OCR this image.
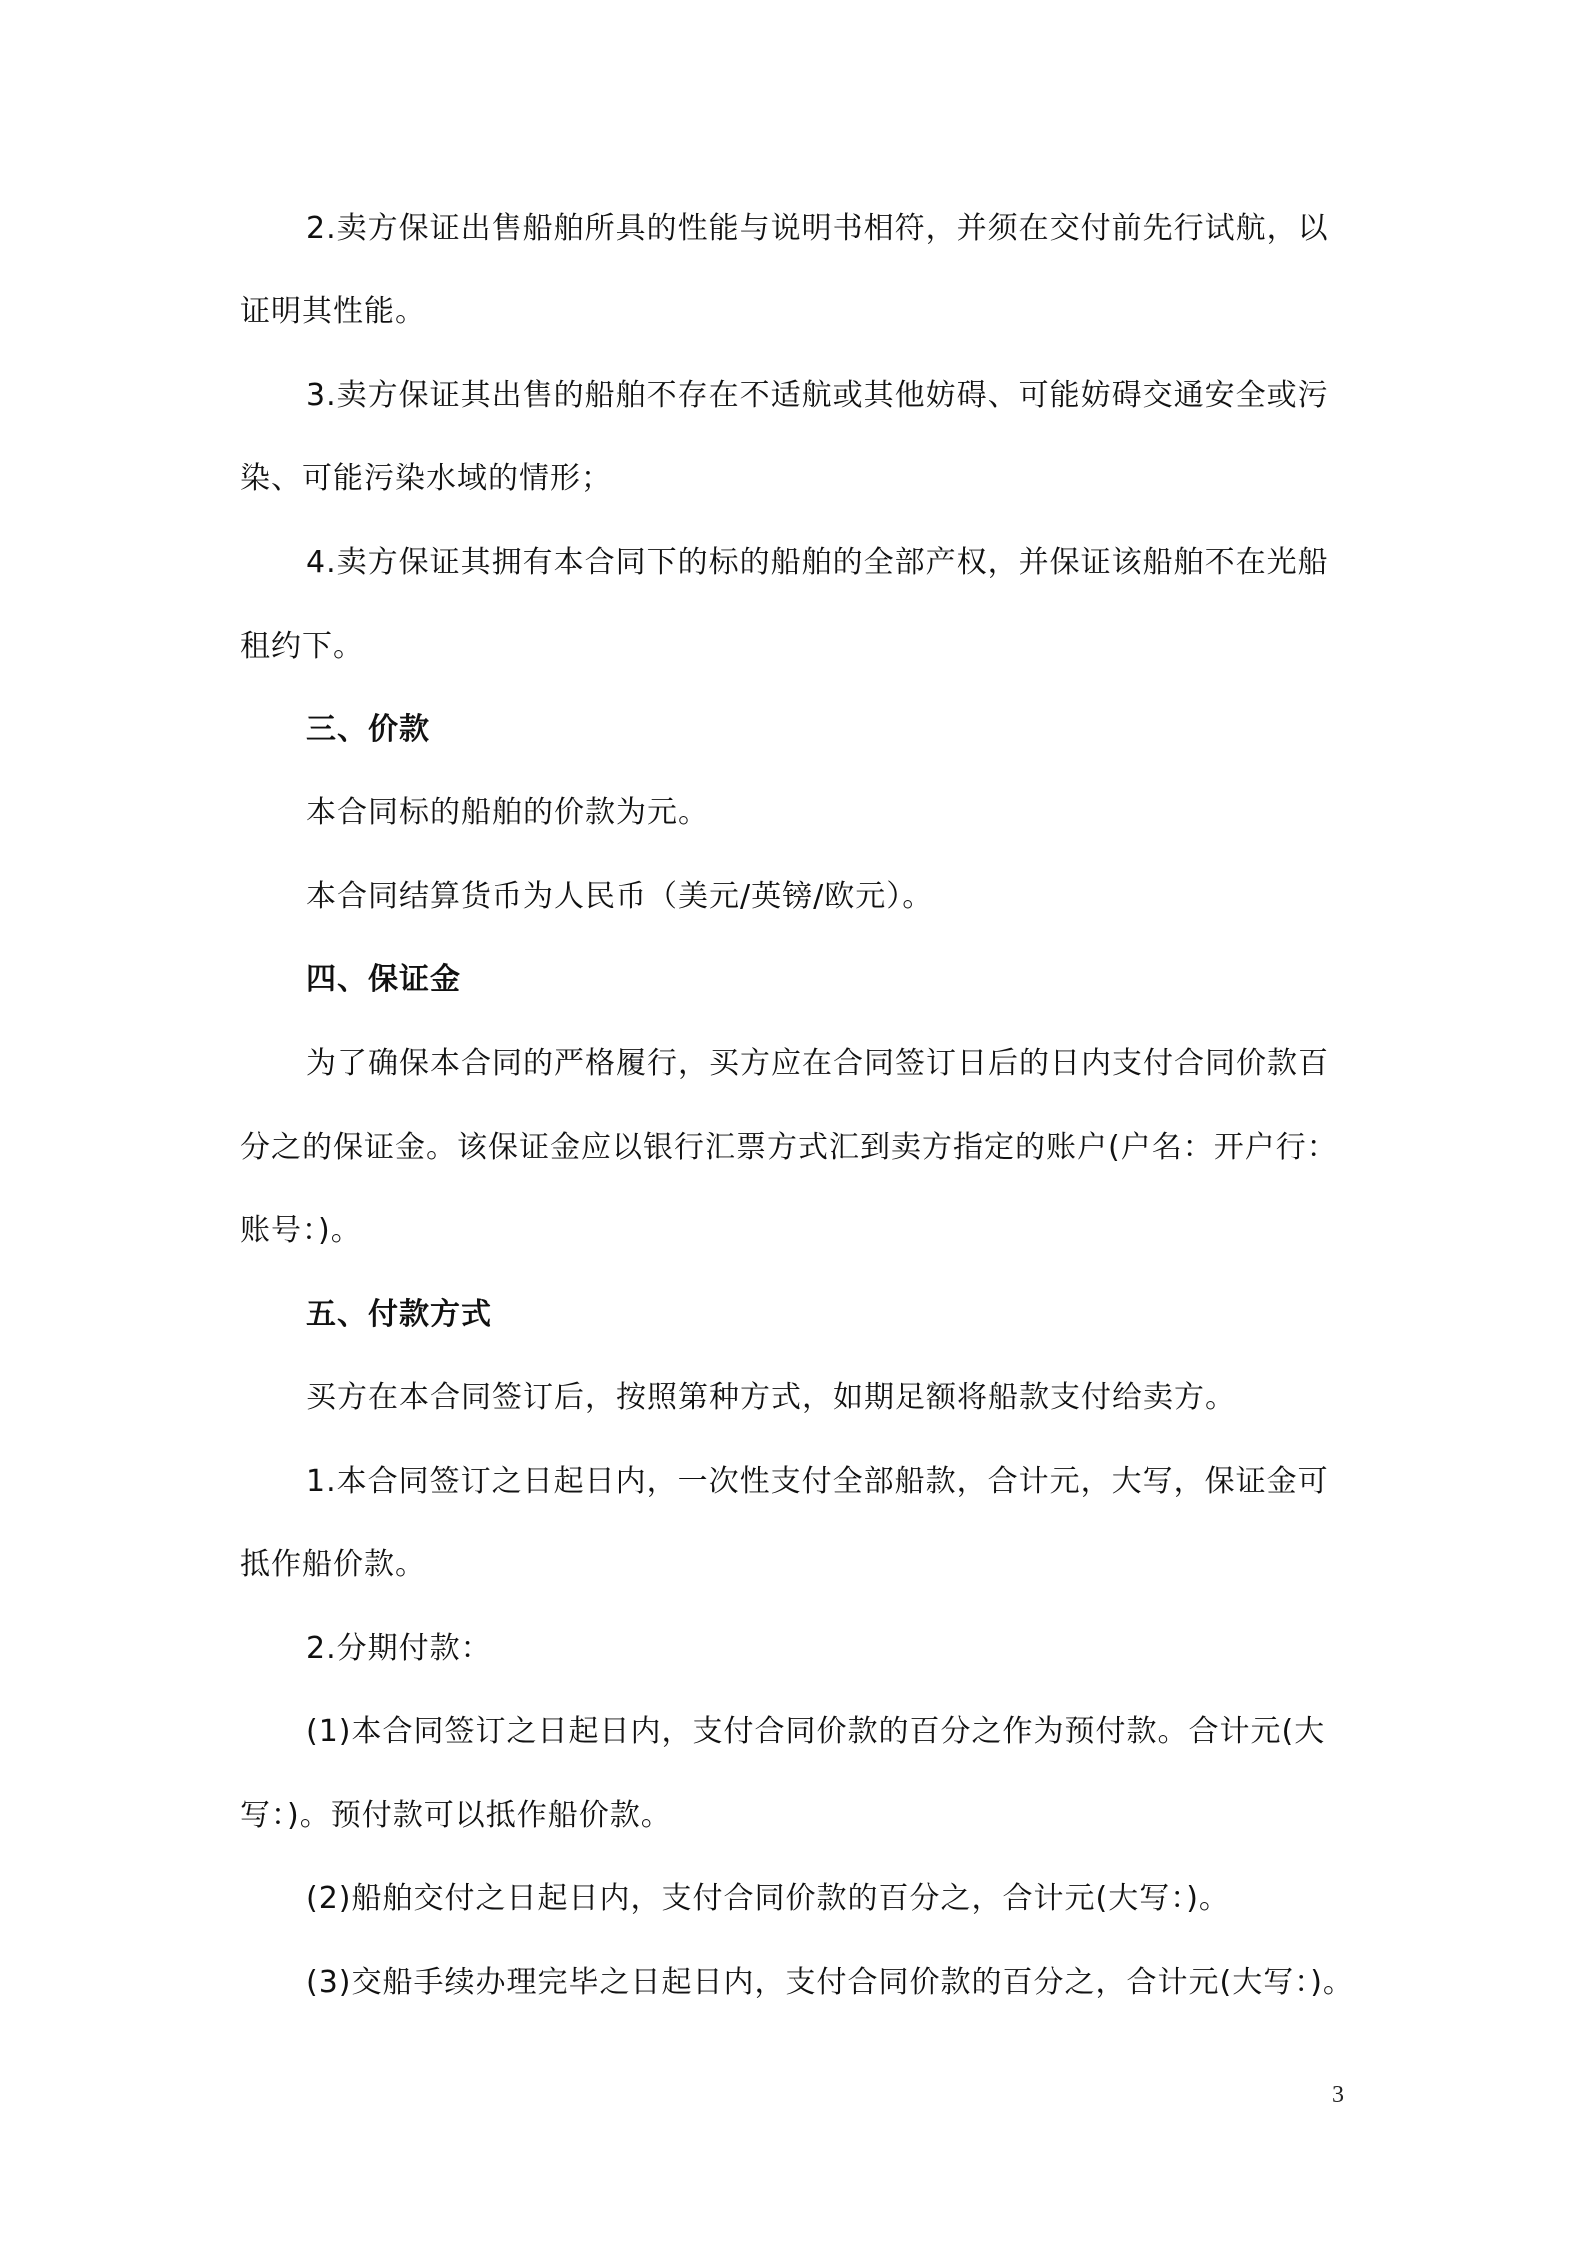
2.卖方保证出售船舶所具的性能与说明书相符，并须在交付前先行试航，以
证明其性能。
3.卖方保证其出售的船舶不存在不适航或其他妨碍、可能妨碍交通安全或污
染、可能污染水域的情形；
4.卖方保证其拥有本合同下的标的船舶的全部产权，并保证该船舶不在光船
租约下。
三、价款
本合同标的船舶的价款为元。
本合同结算货币为人民币（美元/英镑/欧元）。
四、保证金
为了确保本合同的严格履行，买方应在合同签订日后的日内支付合同价款百
分之的保证金。该保证金应以银行汇票方式汇到卖方指定的账户(户名：开户行：
账号：)。
五、付款方式
买方在本合同签订后，按照第种方式，如期足额将船款支付给卖方。
1.本合同签订之日起日内，一次性支付全部船款，合计元，大写，保证金可
抵作船价款。
2.分期付款：
(1)本合同签订之日起日内，支付合同价款的百分之作为预付款。合计元(大
写：)。预付款可以抵作船价款。
(2)船舶交付之日起日内，支付合同价款的百分之，合计元(大写：)。
(3)交船手续办理完毕之日起日内，支付合同价款的百分之，合计元(大写：)。
3
